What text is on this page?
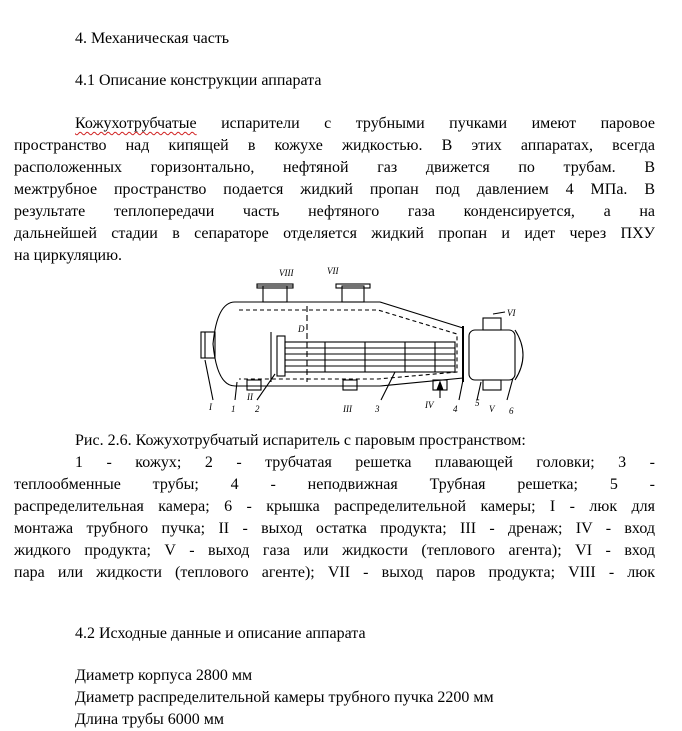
4. Механическая часть
4.1 Описание конструкции аппарата
Кожухотрубчатые испарители с трубными пучками имеют паровое
пространство над кипящей в кожухе жидкостью. В этих аппаратах, всегда
расположенных горизонтально, нефтяной газ движется по трубам. В
межтрубное пространство подается жидкий пропан под давлением 4 МПа. В
результате теплопередачи часть нефтяного газа конденсируется, а на
дальнейшей стадии в сепараторе отделяется жидкий пропан и идет через ПХУ
на циркуляцию.
VIII	VII
VI
I 1 2
II
III	3	IV 4
5
V 6
D
Рис. 2.6. Кожухотрубчатый испаритель с паровым пространством:
1 - кожух; 2 - трубчатая решетка плавающей головки; 3 -
теплообменные трубы; 4 - неподвижная Трубная решетка; 5 -
распределительная камера; 6 - крышка распределительной камеры; I - люк для
монтажа трубного пучка; II - выход остатка продукта; III - дренаж; IV - вход
жидкого продукта; V - выход газа или жидкости (теплового агента); VI - вход
пара или жидкости (теплового агенте); VII - выход паров продукта; VIII - люк
4.2 Исходные данные и описание аппарата
Диаметр корпуса 2800 мм
Диаметр распределительной камеры трубного пучка 2200 мм
Длина трубы 6000 мм
